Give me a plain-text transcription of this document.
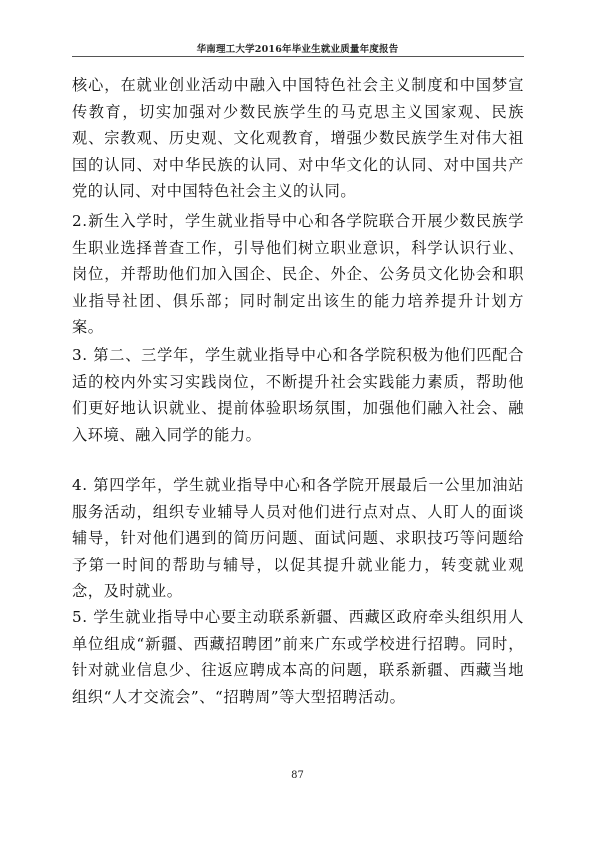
华南理工大学2016年毕业生就业质量年度报告

核心，在就业创业活动中融入中国特色社会主义制度和中国梦宣传教育，切实加强对少数民族学生的马克思主义国家观、民族观、宗教观、历史观、文化观教育，增强少数民族学生对伟大祖国的认同、对中华民族的认同、对中华文化的认同、对中国共产党的认同、对中国特色社会主义的认同。

2.新生入学时，学生就业指导中心和各学院联合开展少数民族学生职业选择普查工作，引导他们树立职业意识，科学认识行业、岗位，并帮助他们加入国企、民企、外企、公务员文化协会和职业指导社团、俱乐部；同时制定出该生的能力培养提升计划方案。

3. 第二、三学年，学生就业指导中心和各学院积极为他们匹配合适的校内外实习实践岗位，不断提升社会实践能力素质，帮助他们更好地认识就业、提前体验职场氛围，加强他们融入社会、融入环境、融入同学的能力。

4. 第四学年，学生就业指导中心和各学院开展最后一公里加油站服务活动，组织专业辅导人员对他们进行点对点、人盯人的面谈辅导，针对他们遇到的简历问题、面试问题、求职技巧等问题给予第一时间的帮助与辅导，以促其提升就业能力，转变就业观念，及时就业。

5. 学生就业指导中心要主动联系新疆、西藏区政府牵头组织用人单位组成“新疆、西藏招聘团”前来广东或学校进行招聘。同时，针对就业信息少、往返应聘成本高的问题，联系新疆、西藏当地组织“人才交流会”、“招聘周”等大型招聘活动。

87
